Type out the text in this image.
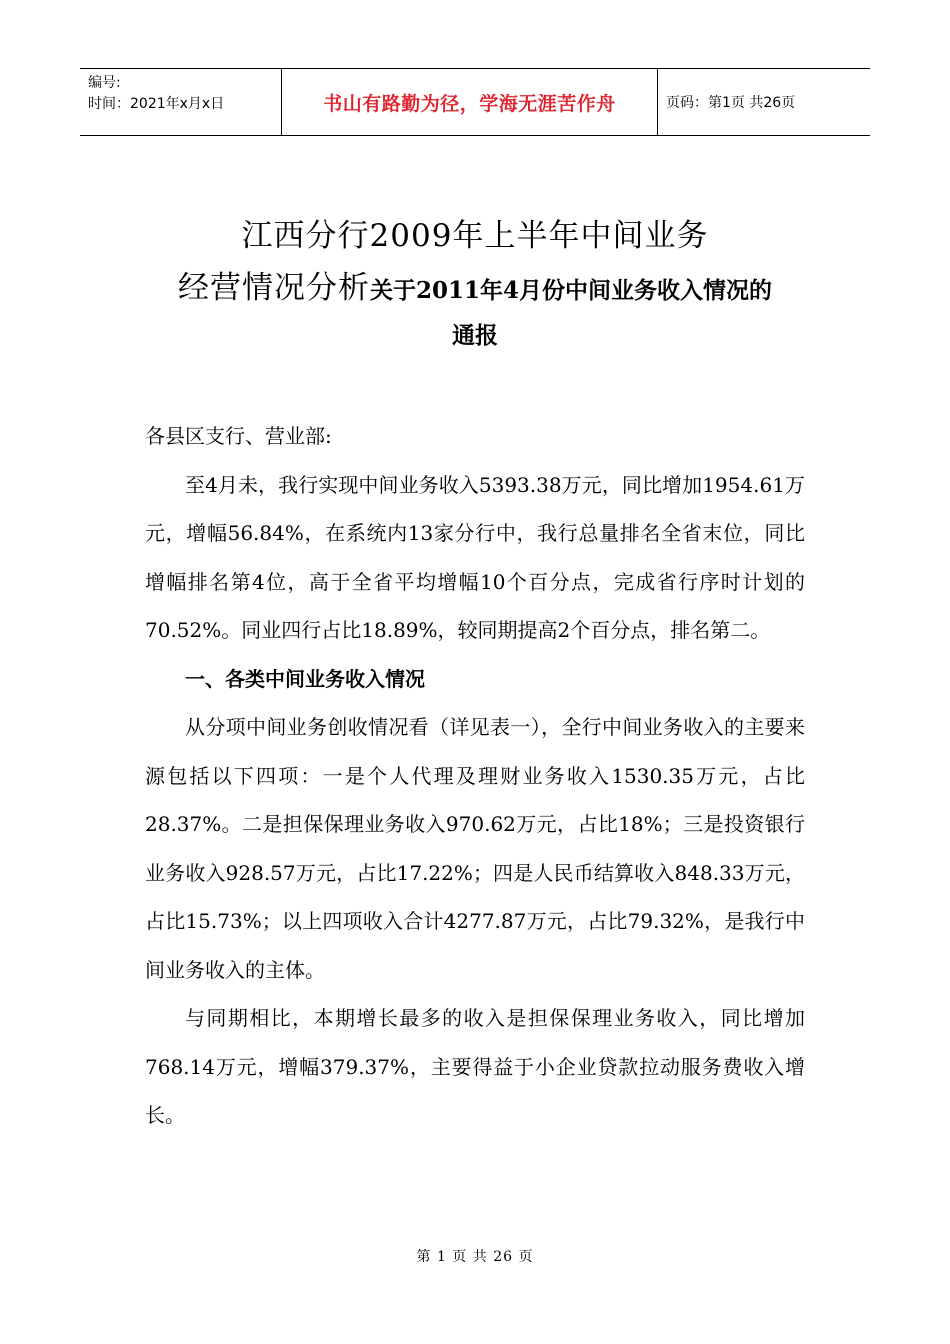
编号:
时间：2021年x月x日	书山有路勤为径，学海无涯苦作舟	页码：第1页 共26页
江西分行2009年上半年中间业务
经营情况分析关于2011年4月份中间业务收入情况的
通报

各县区支行、营业部:

至4月未，我行实现中间业务收入5393.38万元，同比增加1954.61万元，增幅56.84%，在系统内13家分行中，我行总量排名全省末位，同比增幅排名第4位，高于全省平均增幅10个百分点，完成省行序时计划的70.52%。同业四行占比18.89%，较同期提高2个百分点，排名第二。

一、各类中间业务收入情况

从分项中间业务创收情况看（详见表一），全行中间业务收入的主要来源包括以下四项：一是个人代理及理财业务收入1530.35万元，占比28.37%。二是担保保理业务收入970.62万元，占比18%；三是投资银行业务收入928.57万元，占比17.22%；四是人民币结算收入848.33万元，占比15.73%；以上四项收入合计4277.87万元，占比79.32%，是我行中间业务收入的主体。

与同期相比，本期增长最多的收入是担保保理业务收入，同比增加768.14万元，增幅379.37%，主要得益于小企业贷款拉动服务费收入增长。

第 1 页 共 26 页
